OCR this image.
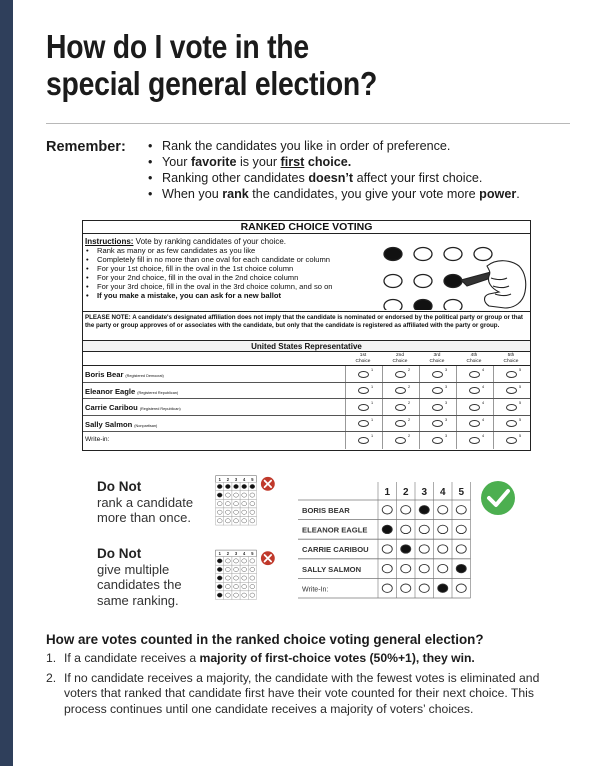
How do I vote in the
special general election?
Remember:
•	Rank the candidates you like in order of preference.
• Your favorite is your first choice.
• Ranking other candidates doesn’t affect your first choice.
• When you rank the candidates, you give your vote more power.
RANKED CHOICE VOTING
Instructions: Vote by ranking candidates of your choice.
• Rank as many or as few candidates as you like
• Completely fill in no more than one oval for each candidate or column
• For your 1st choice, fill in the oval in the 1st choice column
• For your 2nd choice, fill in the oval in the 2nd choice column
• For your 3rd choice, fill in the oval in the 3rd choice column, and so on
• If you make a mistake, you can ask for a new ballot
PLEASE NOTE: A candidate's designated affiliation does not imply that the candidate is nominated or endorsed by the political party or group or that the party or group approves of or associates with the candidate, but only that the candidate is registered as affiliated with the party or group.
United States Representative
1st
Choice
2nd
Choice
3rd
Choice
4th
Choice
5th
Choice
Boris Bear (Registered Democrat)
1	2	3	4	5
Eleanor Eagle (Registered Republican)
1	2	3	4	5
Carrie Caribou (Registered Republican)
1	2	3	4	5
Sally Salmon (Nonpartisan)
1	2	3	4	5
Write-in:	1	2	3	4	5
Do Not
rank a candidate more than once.
Do Not
give multiple candidates the same ranking.
1 2 3 4 5
1 2 3 4 5
1 2 3 4 5
BORIS BEAR
ELEANOR EAGLE
CARRIE CARIBOU
SALLY SALMON
Write-In:
How are votes counted in the ranked choice voting general election?
1. If a candidate receives a majority of first-choice votes (50%+1), they win.
2. If no candidate receives a majority, the candidate with the fewest votes is eliminated and voters that ranked that candidate first have their vote counted for their next choice. This process continues until one candidate receives a majority of voters’ choices.
